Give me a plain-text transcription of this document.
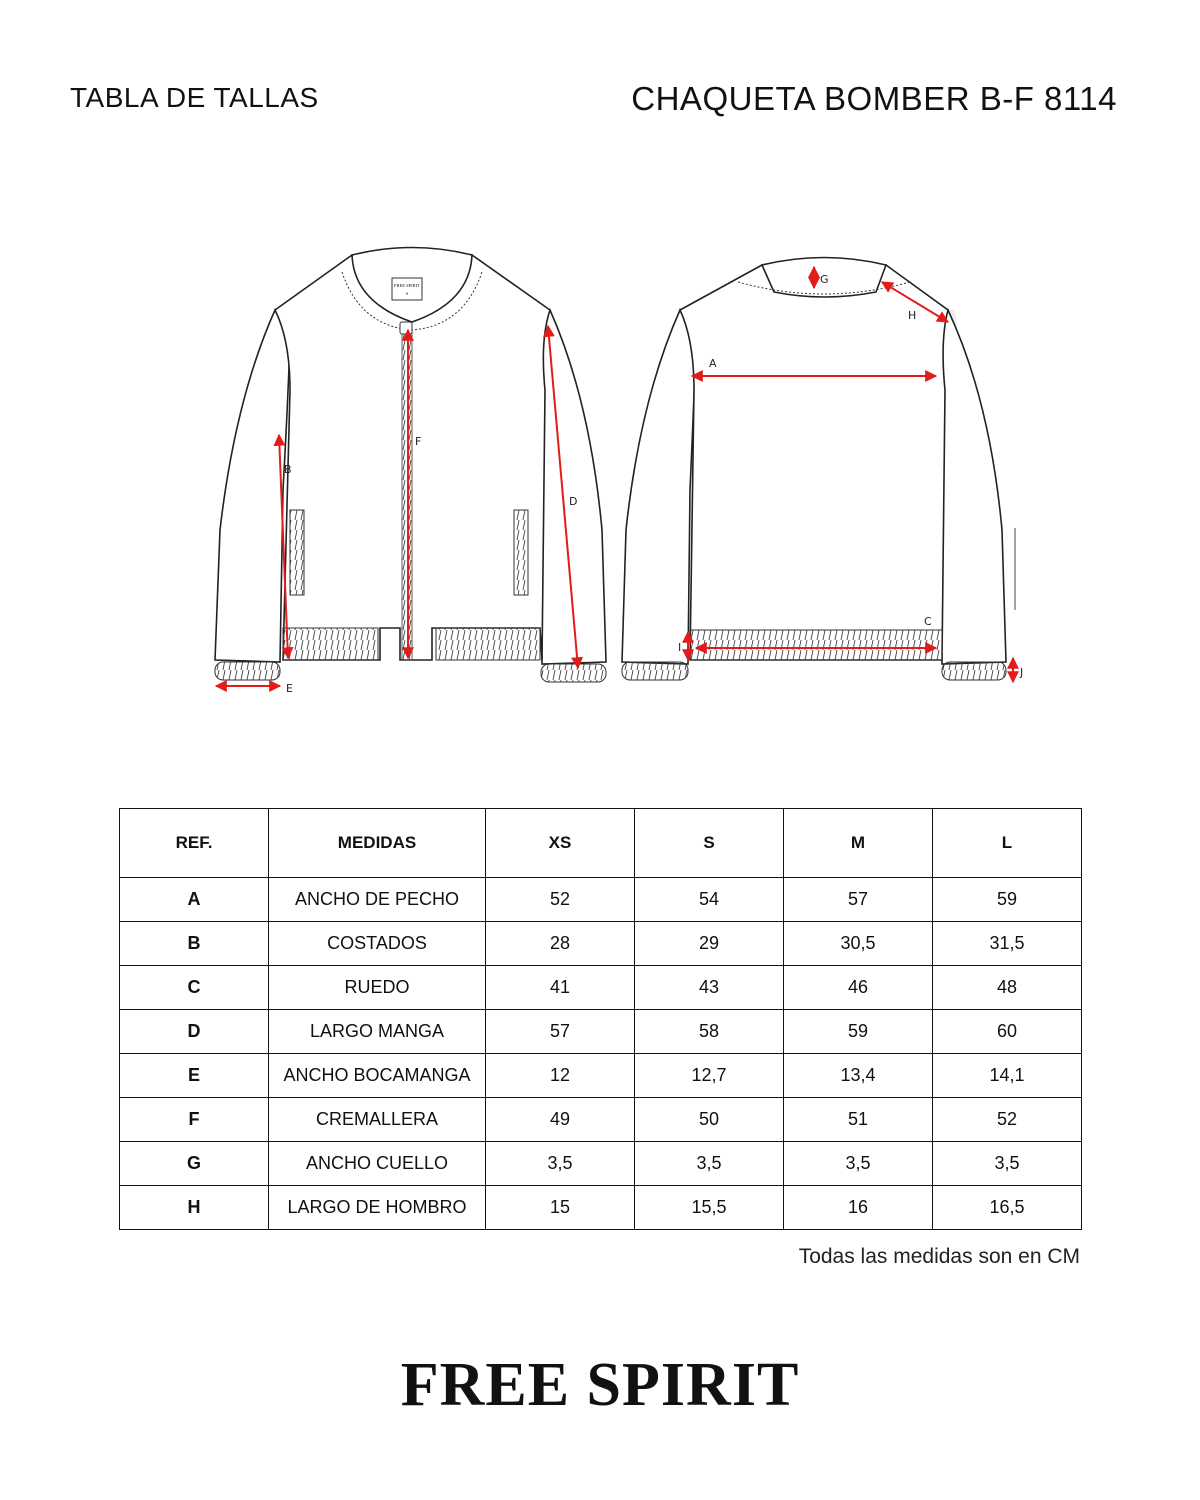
TABLA DE TALLAS	CHAQUETA BOMBER B-F 8114
FREE SPIRIT
S
B
D
E
F
A
C
G
H
I
J
REF.	MEDIDAS	XS	S	M	L
A	ANCHO DE PECHO	52	54	57	59
B	COSTADOS	28	29	30,5	31,5
C	RUEDO	41	43	46	48
D	LARGO MANGA	57	58	59	60
E	ANCHO BOCAMANGA	12	12,7	13,4	14,1
F	CREMALLERA	49	50	51	52
G	ANCHO CUELLO	3,5	3,5	3,5	3,5
H	LARGO DE HOMBRO	15	15,5	16	16,5
Todas las medidas son en CM
FREE SPIRIT
